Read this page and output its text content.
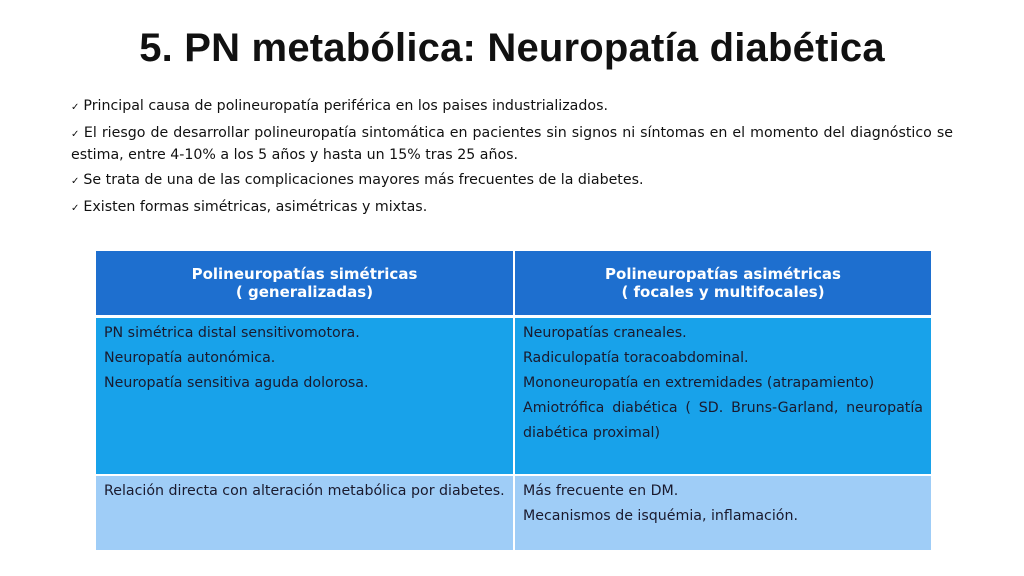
5. PN metabólica: Neuropatía diabética
✓ Principal causa de polineuropatía periférica en los paises industrializados.
✓ El riesgo de desarrollar polineuropatía sintomática en pacientes sin signos ni síntomas en el momento del diagnóstico se estima, entre 4-10% a los 5 años y hasta un 15% tras 25 años.
✓ Se trata de una de las complicaciones mayores más frecuentes de la diabetes.
✓ Existen formas simétricas, asimétricas y mixtas.
Polineuropatías simétricas
( generalizadas)	Polineuropatías asimétricas
( focales y multifocales)

PN simétrica distal sensitivomotora.
Neuropatía autonómica.
Neuropatía sensitiva aguda dolorosa.	Neuropatías craneales.
Radiculopatía toracoabdominal.
Mononeuropatía en extremidades (atrapamiento)
Amiotrófica diabética ( SD. Bruns-Garland, neuropatía diabética proximal)

Relación directa con alteración metabólica por diabetes.	Más frecuente en DM.
Mecanismos de isquémia, inflamación.
